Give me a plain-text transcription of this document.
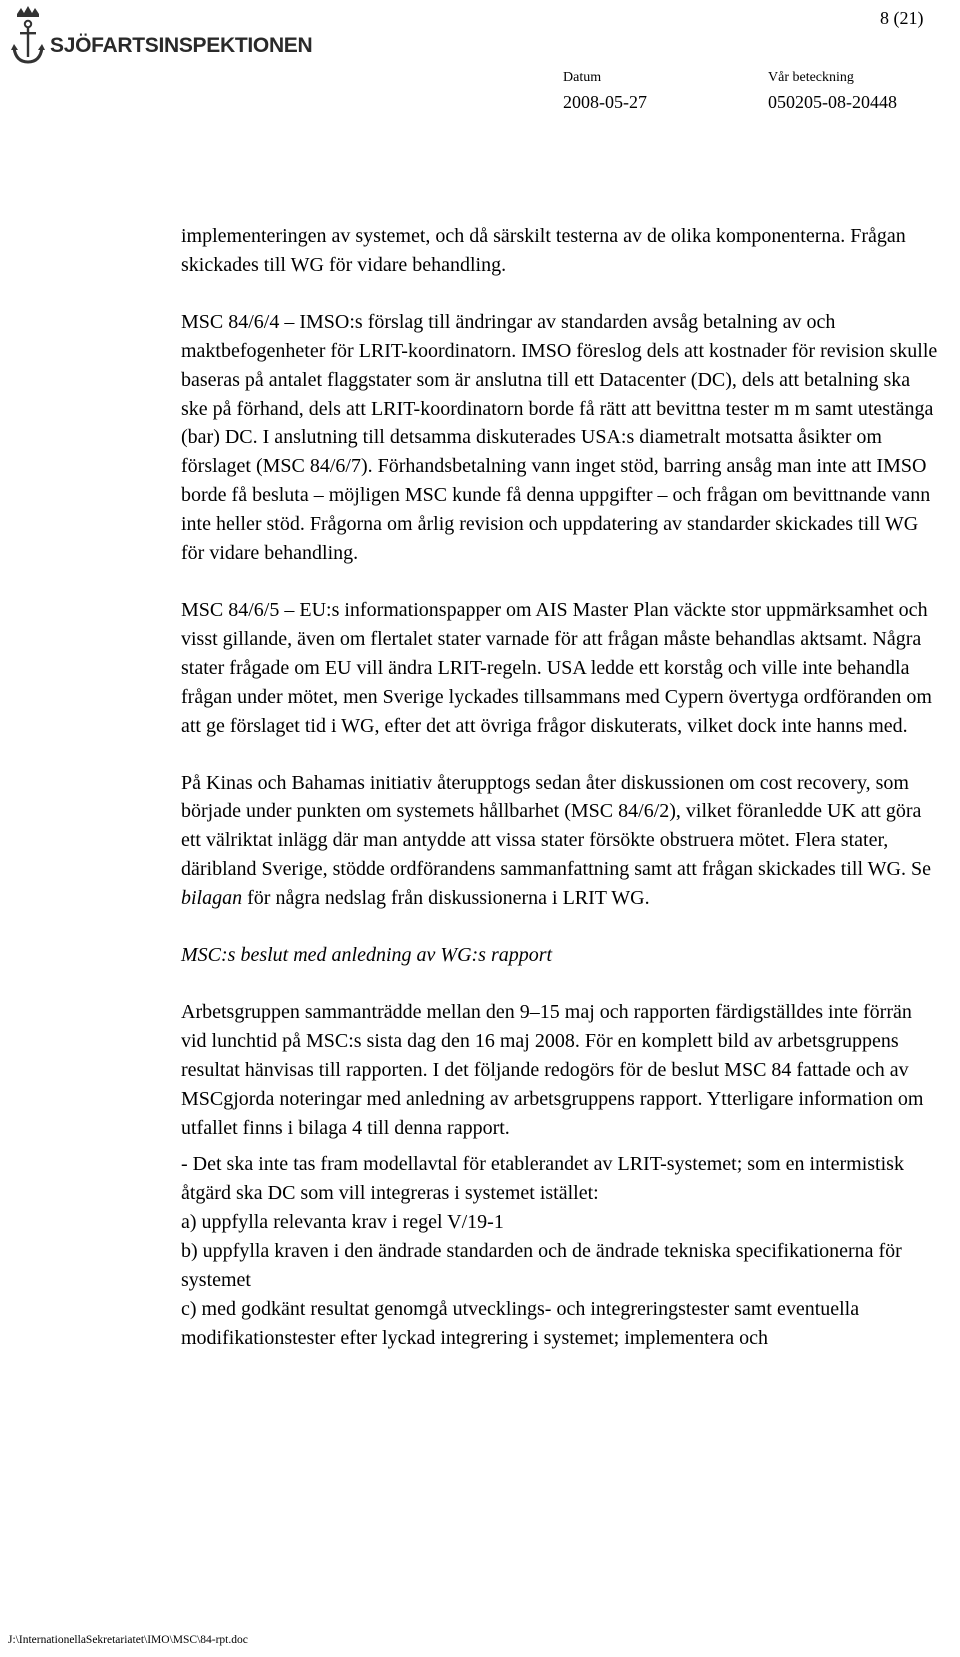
SJÖFARTSINSPEKTIONEN
8 (21)
Datum
2008-05-27
Vår beteckning
050205-08-20448

implementeringen av systemet, och då särskilt testerna av de olika komponenterna. Frågan skickades till WG för vidare behandling.

MSC 84/6/4 – IMSO:s förslag till ändringar av standarden avsåg betalning av och maktbefogenheter för LRIT-koordinatorn. IMSO föreslog dels att kostnader för revision skulle baseras på antalet flaggstater som är anslutna till ett Datacenter (DC), dels att betalning ska ske på förhand, dels att LRIT-koordinatorn borde få rätt att bevittna tester m m samt utestänga (bar) DC. I anslutning till detsamma diskuterades USA:s diametralt motsatta åsikter om förslaget (MSC 84/6/7). Förhandsbetalning vann inget stöd, barring ansåg man inte att IMSO borde få besluta – möjligen MSC kunde få denna uppgifter – och frågan om bevittnande vann inte heller stöd. Frågorna om årlig revision och uppdatering av standarder skickades till WG för vidare behandling.

MSC 84/6/5 – EU:s informationspapper om AIS Master Plan väckte stor uppmärksamhet och visst gillande, även om flertalet stater varnade för att frågan måste behandlas aktsamt. Några stater frågade om EU vill ändra LRIT-regeln. USA ledde ett korståg och ville inte behandla frågan under mötet, men Sverige lyckades tillsammans med Cypern övertyga ordföranden om att ge förslaget tid i WG, efter det att övriga frågor diskuterats, vilket dock inte hanns med.

På Kinas och Bahamas initiativ återupptogs sedan åter diskussionen om cost recovery, som började under punkten om systemets hållbarhet (MSC 84/6/2), vilket föranledde UK att göra ett välriktat inlägg där man antydde att vissa stater försökte obstruera mötet. Flera stater, däribland Sverige, stödde ordförandens sammanfattning samt att frågan skickades till WG. Se bilagan för några nedslag från diskussionerna i LRIT WG.

MSC:s beslut med anledning av WG:s rapport

Arbetsgruppen sammanträdde mellan den 9–15 maj och rapporten färdigställdes inte förrän vid lunchtid på MSC:s sista dag den 16 maj 2008. För en komplett bild av arbetsgruppens resultat hänvisas till rapporten. I det följande redogörs för de beslut MSC 84 fattade och av MSCgjorda noteringar med anledning av arbetsgruppens rapport. Ytterligare information om utfallet finns i bilaga 4 till denna rapport.

- Det ska inte tas fram modellavtal för etablerandet av LRIT-systemet; som en intermistisk åtgärd ska DC som vill integreras i systemet istället:

a) uppfylla relevanta krav i regel V/19-1

b) uppfylla kraven i den ändrade standarden och de ändrade tekniska specifikationerna för systemet

c) med godkänt resultat genomgå utvecklings- och integreringstester samt eventuella modifikationstester efter lyckad integrering i systemet; implementera och

J:\InternationellaSekretariatet\IMO\MSC\84-rpt.doc
